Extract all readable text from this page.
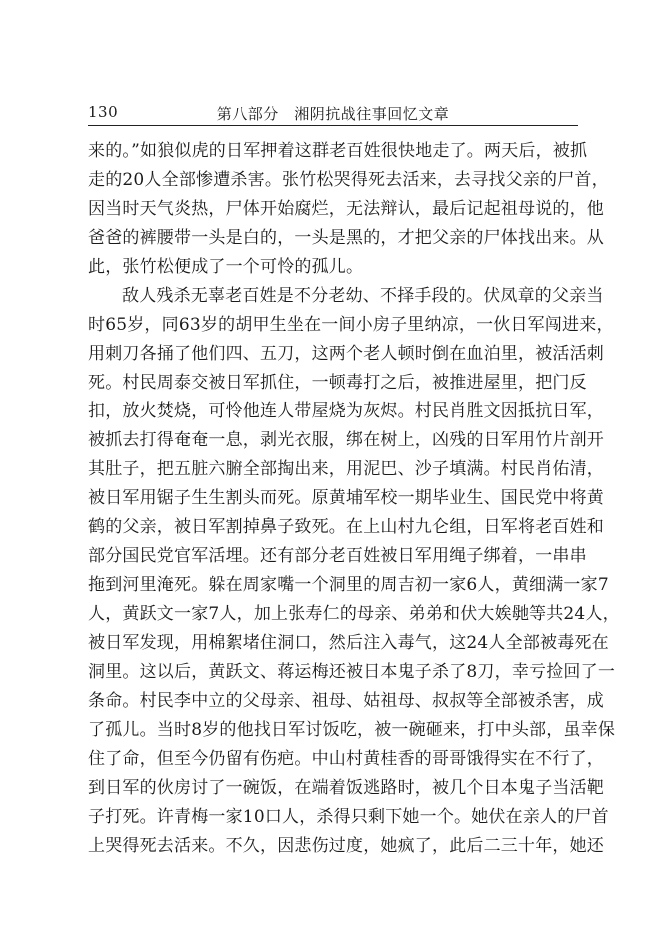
130	第八部分　湘阴抗战往事回忆文章
来的。”如狼似虎的日军押着这群老百姓很快地走了。两天后，被抓
走的20人全部惨遭杀害。张竹松哭得死去活来，去寻找父亲的尸首，
因当时天气炎热，尸体开始腐烂，无法辩认，最后记起祖母说的，他
爸爸的裤腰带一头是白的，一头是黑的，才把父亲的尸体找出来。从
此，张竹松便成了一个可怜的孤儿。
敌人残杀无辜老百姓是不分老幼、不择手段的。伏凤章的父亲当
时65岁，同63岁的胡甲生坐在一间小房子里纳凉，一伙日军闯进来，
用刺刀各捅了他们四、五刀，这两个老人顿时倒在血泊里，被活活刺
死。村民周泰交被日军抓住，一顿毒打之后，被推进屋里，把门反
扣，放火焚烧，可怜他连人带屋烧为灰烬。村民肖胜文因抵抗日军，
被抓去打得奄奄一息，剥光衣服，绑在树上，凶残的日军用竹片剖开
其肚子，把五脏六腑全部掏出来，用泥巴、沙子填满。村民肖佑清，
被日军用锯子生生割头而死。原黄埔军校一期毕业生、国民党中将黄
鹤的父亲，被日军割掉鼻子致死。在上山村九仑组，日军将老百姓和
部分国民党官军活埋。还有部分老百姓被日军用绳子绑着，一串串
拖到河里淹死。躲在周家嘴一个洞里的周吉初一家6人，黄细满一家7
人，黄跃文一家7人，加上张寿仁的母亲、弟弟和伏大娭毑等共24人，
被日军发现，用棉絮堵住洞口，然后注入毒气，这24人全部被毒死在
洞里。这以后，黄跃文、蒋运梅还被日本鬼子杀了8刀，幸亏捡回了一
条命。村民李中立的父母亲、祖母、姑祖母、叔叔等全部被杀害，成
了孤儿。当时8岁的他找日军讨饭吃，被一碗砸来，打中头部，虽幸保
住了命，但至今仍留有伤疤。中山村黄桂香的哥哥饿得实在不行了，
到日军的伙房讨了一碗饭，在端着饭逃路时，被几个日本鬼子当活靶
子打死。许青梅一家10口人，杀得只剩下她一个。她伏在亲人的尸首
上哭得死去活来。不久，因悲伤过度，她疯了，此后二三十年，她还
